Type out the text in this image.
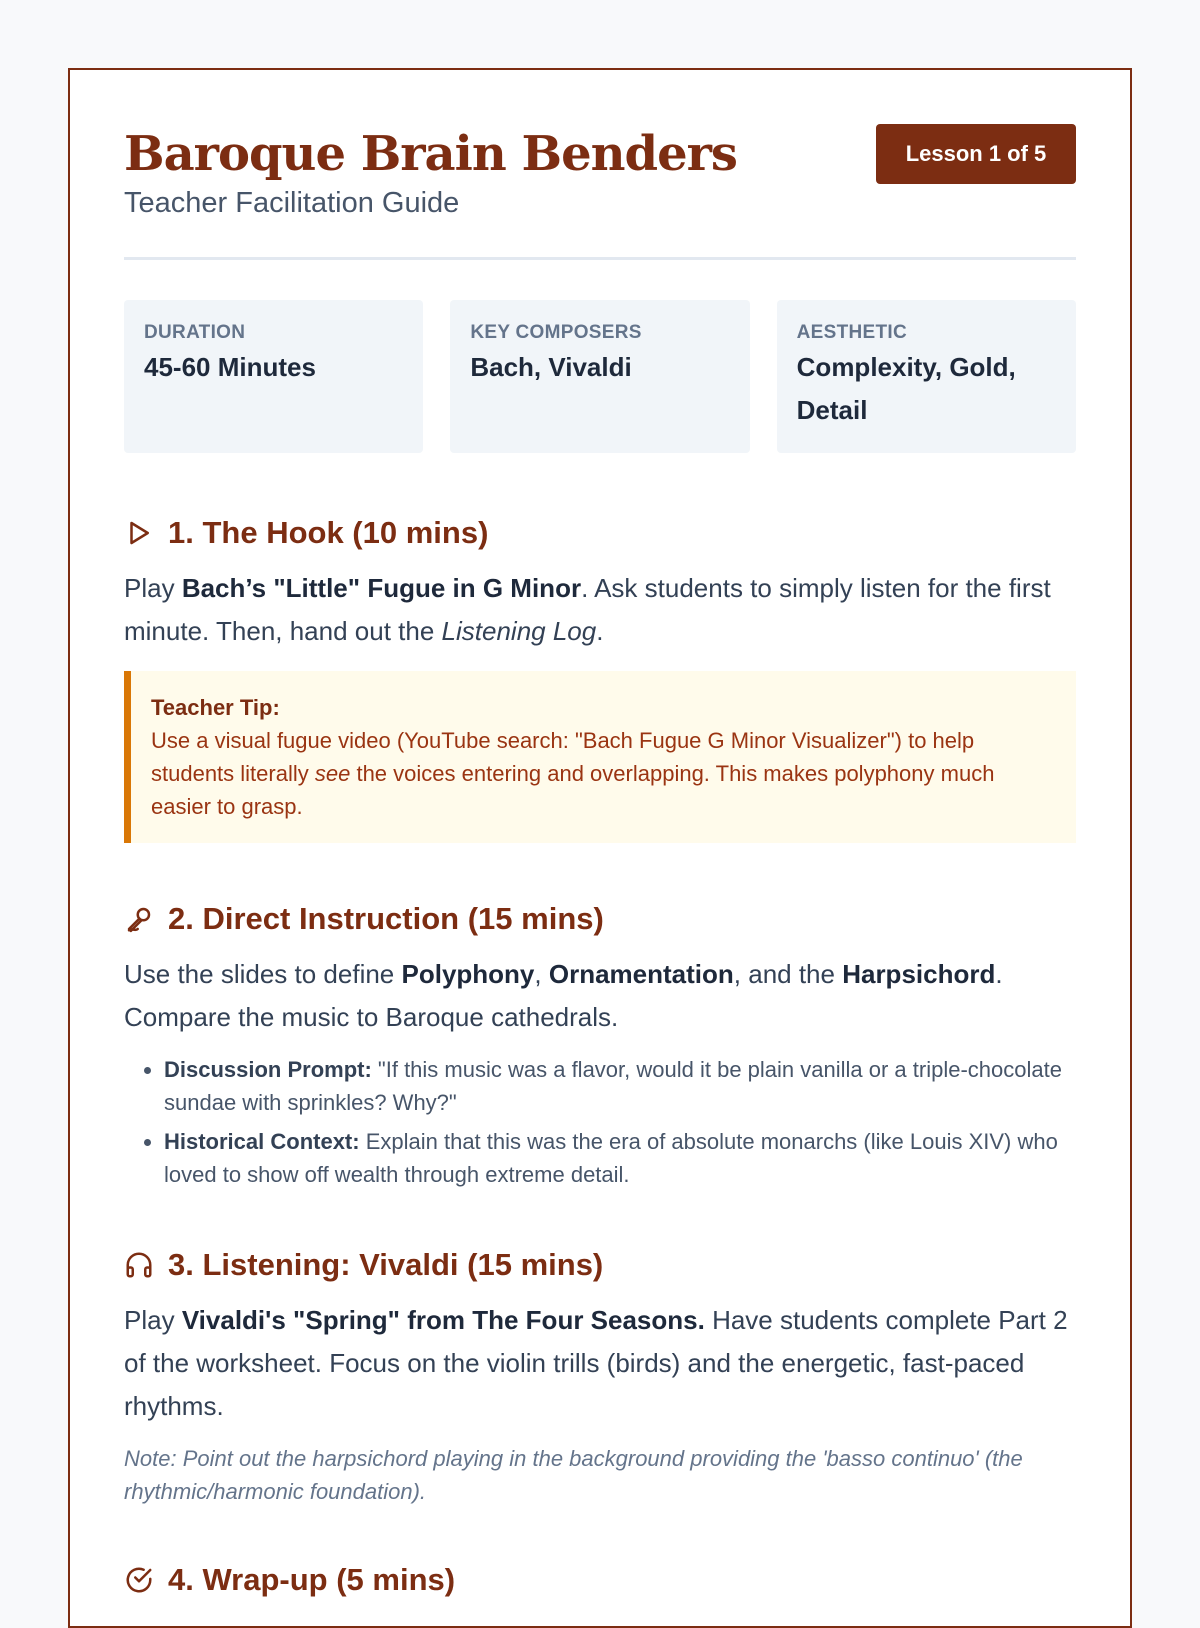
Baroque Brain Benders
Teacher Facilitation Guide
Lesson 1 of 5
DURATION
45-60 Minutes
KEY COMPOSERS
Bach, Vivaldi
AESTHETIC
Complexity, Gold, Detail
1. The Hook (10 mins)

Play Bach’s "Little" Fugue in G Minor. Ask students to simply listen for the first minute. Then, hand out the Listening Log.

Teacher Tip:
Use a visual fugue video (YouTube search: "Bach Fugue G Minor Visualizer") to help students literally see the voices entering and overlapping. This makes polyphony much easier to grasp.
2. Direct Instruction (15 mins)

Use the slides to define Polyphony, Ornamentation, and the Harpsichord. Compare the music to Baroque cathedrals.

• Discussion Prompt: "If this music was a flavor, would it be plain vanilla or a triple-chocolate sundae with sprinkles? Why?"
• Historical Context: Explain that this was the era of absolute monarchs (like Louis XIV) who loved to show off wealth through extreme detail.
3. Listening: Vivaldi (15 mins)

Play Vivaldi's "Spring" from The Four Seasons. Have students complete Part 2 of the worksheet. Focus on the violin trills (birds) and the energetic, fast-paced rhythms.

Note: Point out the harpsichord playing in the background providing the 'basso continuo' (the rhythmic/harmonic foundation).
4. Wrap-up (5 mins)
